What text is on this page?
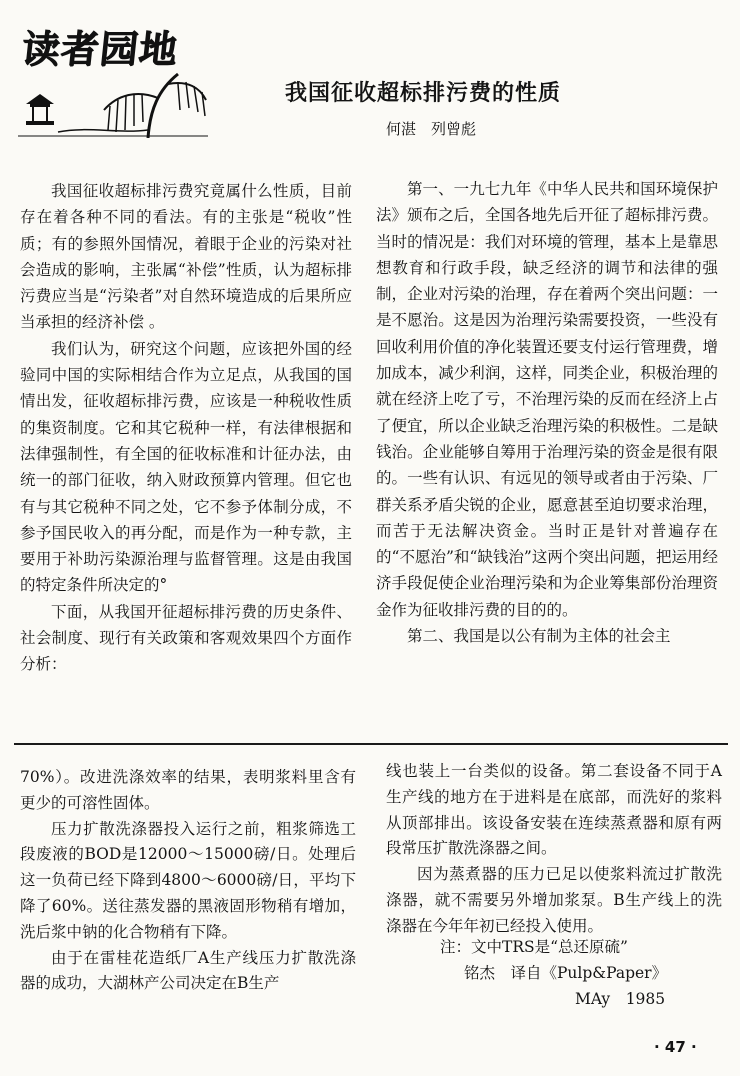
读者园地
我国征收超标排污费的性质
何湛　列曾彪

我国征收超标排污费究竟属什么性质，目前存在着各种不同的看法。有的主张是“税收”性质；有的参照外国情况，着眼于企业的污染对社会造成的影响，主张属“补偿”性质，认为超标排污费应当是“污染者”对自然环境造成的后果所应当承担的经济补偿 。

我们认为，研究这个问题，应该把外国的经验同中国的实际相结合作为立足点，从我国的国情出发，征收超标排污费，应该是一种税收性质的集资制度。它和其它税种一样，有法律根据和法律强制性，有全国的征收标准和计征办法，由统一的部门征收，纳入财政预算内管理。但它也有与其它税种不同之处，它不参予体制分成，不参予国民收入的再分配，而是作为一种专款，主要用于补助污染源治理与监督管理。这是由我国的特定条件所决定的°

下面，从我国开征超标排污费的历史条件、社会制度、现行有关政策和客观效果四个方面作分析：

第一、一九七九年《中华人民共和国环境保护法》颁布之后，全国各地先后开征了超标排污费。当时的情况是：我们对环境的管理，基本上是靠思想教育和行政手段，缺乏经济的调节和法律的强制，企业对污染的治理，存在着两个突出问题：一是不愿治。这是因为治理污染需要投资，一些没有回收利用价值的净化装置还要支付运行管理费，增加成本，减少利润，这样，同类企业，积极治理的就在经济上吃了亏，不治理污染的反而在经济上占了便宜，所以企业缺乏治理污染的积极性。二是缺钱治。企业能够自筹用于治理污染的资金是很有限的。一些有认识、有远见的领导或者由于污染、厂群关系矛盾尖锐的企业，愿意甚至迫切要求治理，而苦于无法解决资金。当时正是针对普遍存在的“不愿治”和“缺钱治”这两个突出问题，把运用经济手段促使企业治理污染和为企业筹集部份治理资金作为征收排污费的目的的。

第二、我国是以公有制为主体的社会主

70%）。改进洗涤效率的结果，表明浆料里含有更少的可溶性固体。

压力扩散洗涤器投入运行之前，粗浆筛选工段废液的BOD是12000～15000磅/日。处理后这一负荷已经下降到4800～6000磅/日，平均下降了60%。送往蒸发器的黑液固形物稍有增加，洗后浆中钠的化合物稍有下降。

由于在雷桂花造纸厂A生产线压力扩散洗涤器的成功，大湖林产公司决定在B生产

线也装上一台类似的设备。第二套设备不同于A生产线的地方在于进料是在底部，而洗好的浆料从顶部排出。该设备安装在连续蒸煮器和原有两段常压扩散洗涤器之间。

因为蒸煮器的压力已足以使浆料流过扩散洗涤器，就不需要另外增加浆泵。B生产线上的洗涤器在今年年初已经投入使用。

注：文中TRS是“总还原硫”
铭杰　译自《Pulp&Paper》
MAy　1985
· 47 ·
